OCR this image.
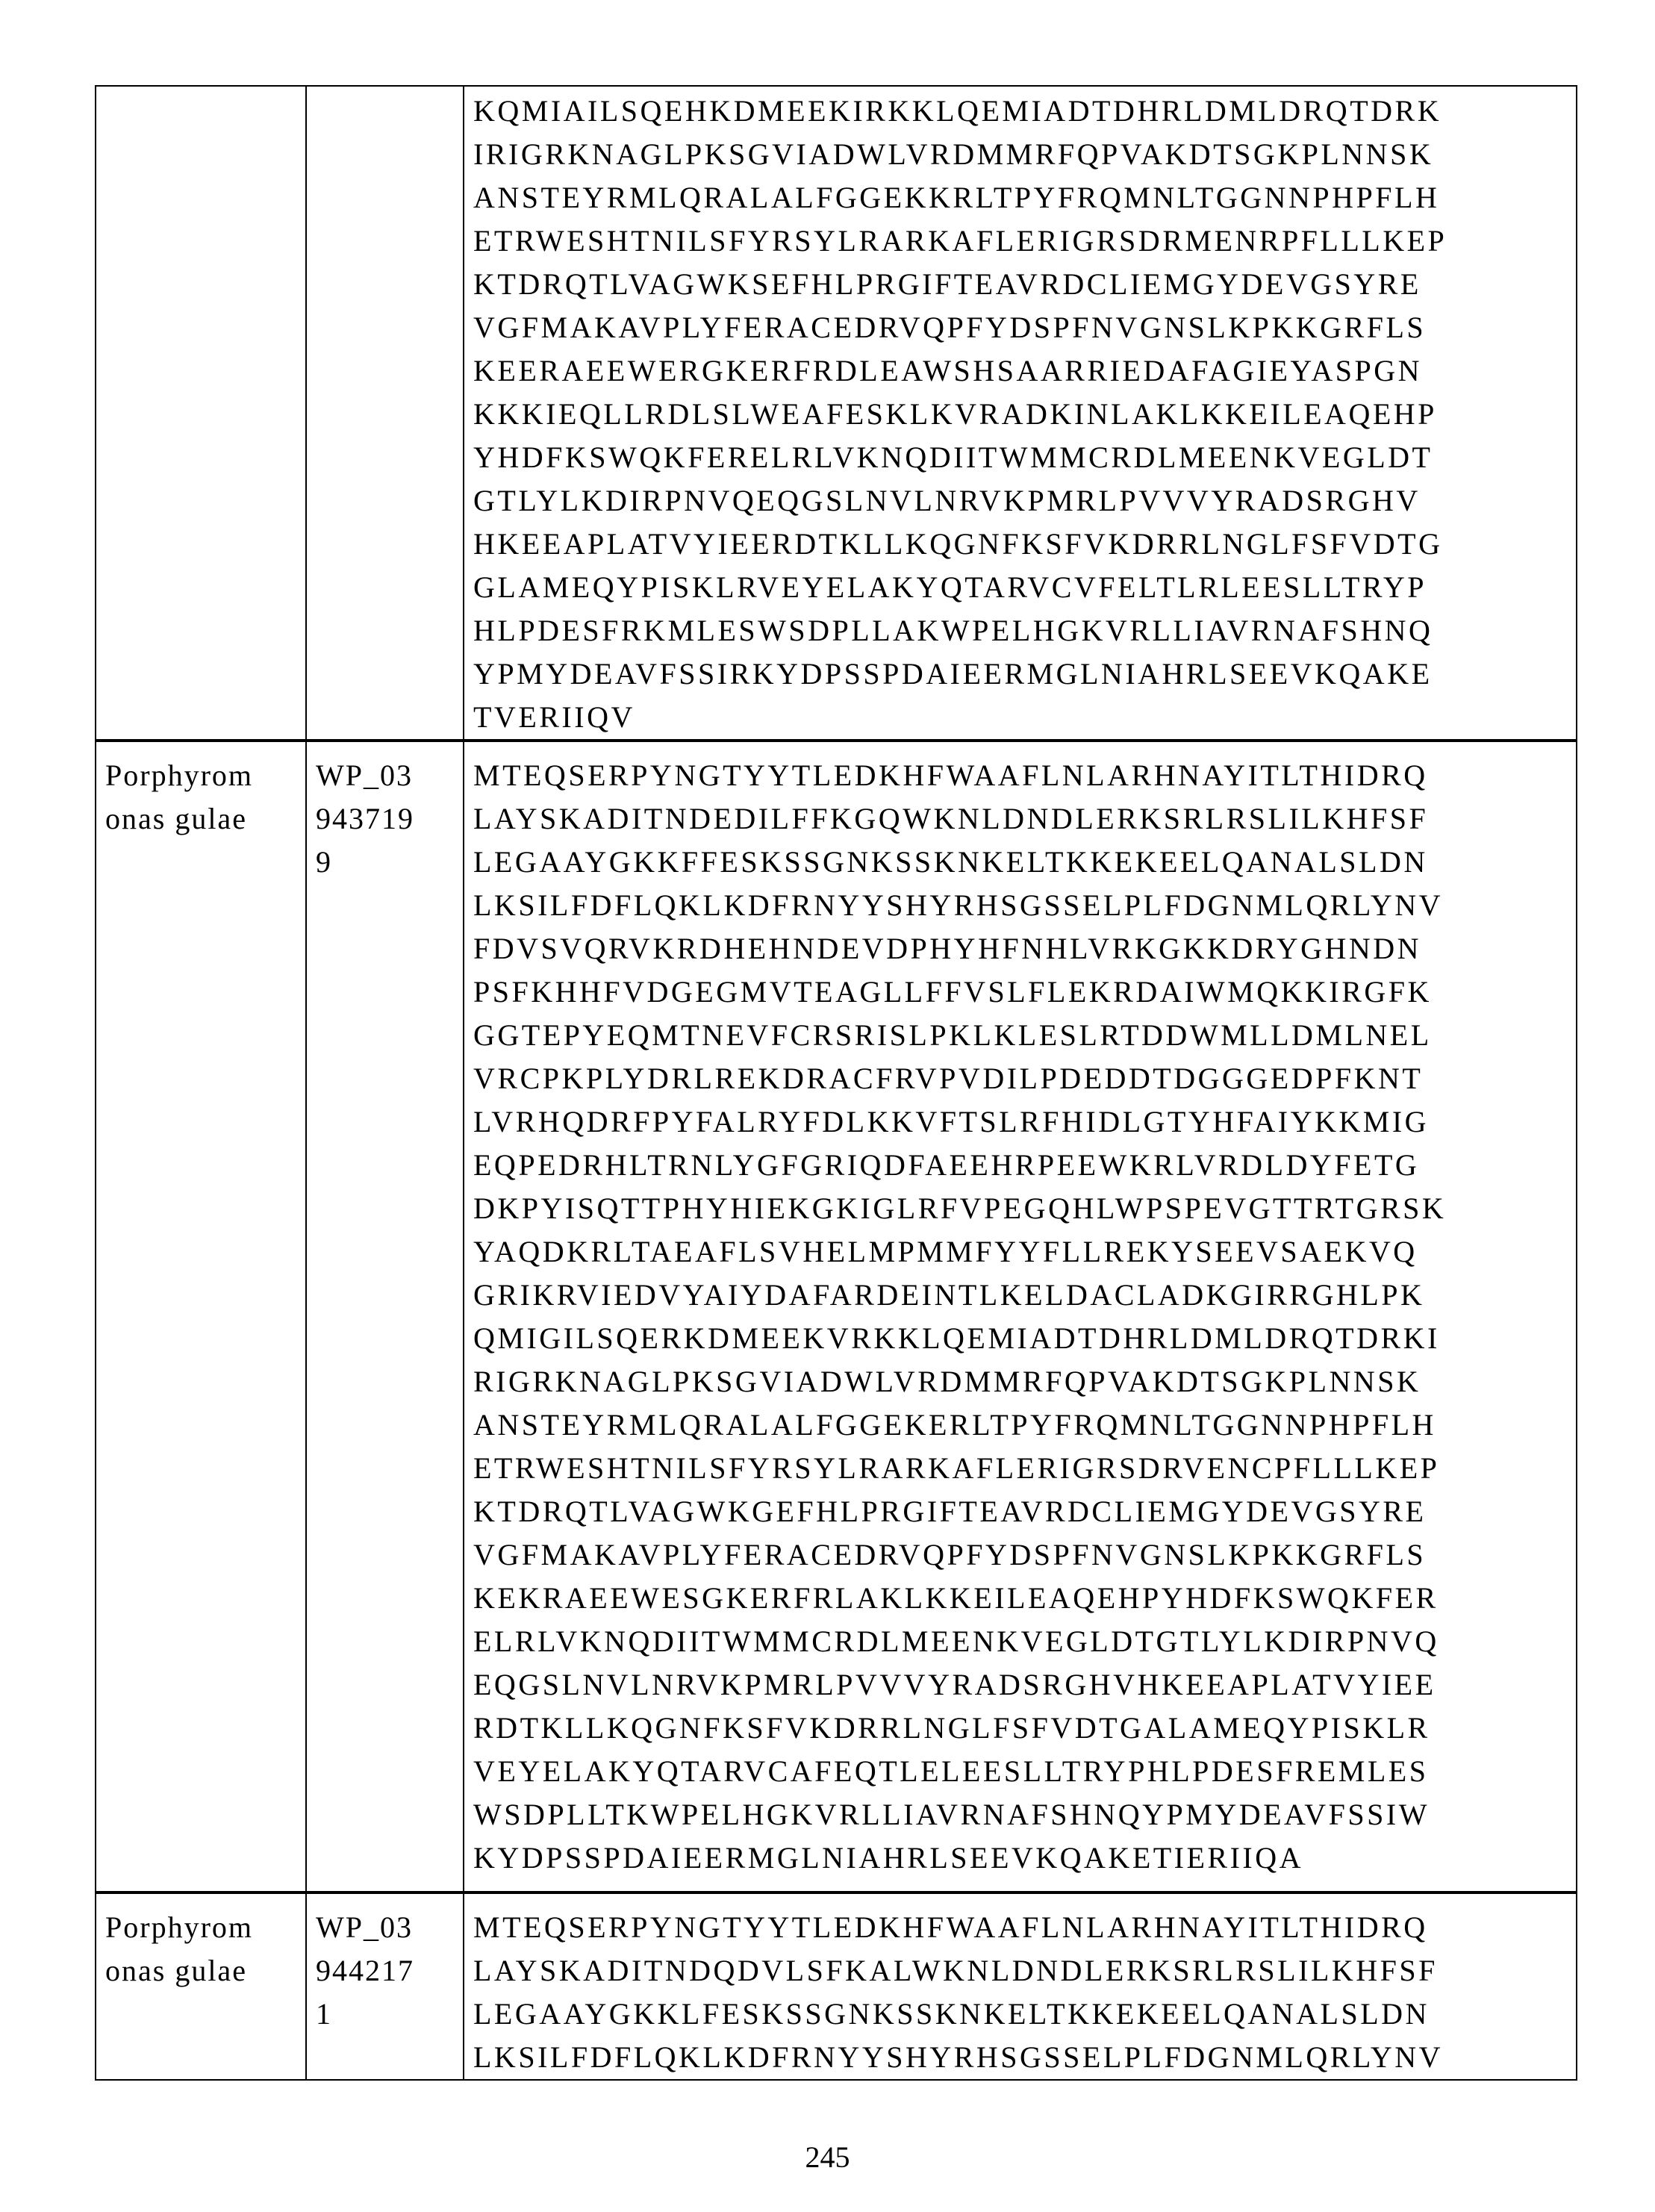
KQMIAILSQEHKDMEEKIRKKLQEMIADTDHRLDMLDRQTDRK
IRIGRKNAGLPKSGVIADWLVRDMMRFQPVAKDTSGKPLNNSK
ANSTEYRMLQRALALFGGEKKRLTPYFRQMNLTGGNNPHPFLH
ETRWESHTNILSFYRSYLRARKAFLERIGRSDRMENRPFLLLKEP
KTDRQTLVAGWKSEFHLPRGIFTEAVRDCLIEMGYDEVGSYRE
VGFMAKAVPLYFERACEDRVQPFYDSPFNVGNSLKPKKGRFLS
KEERAEEWERGKERFRDLEAWSHSAARRIEDAFAGIEYASPGN
KKKIEQLLRDLSLWEAFESKLKVRADKINLAKLKKEILEAQEHP
YHDFKSWQKFERELRLVKNQDIITWMMCRDLMEENKVEGLDT
GTLYLKDIRPNVQEQGSLNVLNRVKPMRLPVVVYRADSRGHV
HKEEAPLATVYIEERDTKLLKQGNFKSFVKDRRLNGLFSFVDTG
GLAMEQYPISKLRVEYELAKYQTARVCVFELTLRLEESLLTRYP
HLPDESFRKMLESWSDPLLAKWPELHGKVRLLIAVRNAFSHNQ
YPMYDEAVFSSIRKYDPSSPDAIEERMGLNIAHRLSEEVKQAKE
TVERIIQV

Porphyrom
onas gulae

WP_03
943719
9

MTEQSERPYNGTYYTLEDKHFWAAFLNLARHNAYITLTHIDRQ
LAYSKADITNDEDILFFKGQWKNLDNDLERKSRLRSLILKHFSF
LEGAAYGKKFFESKSSGNKSSKNKELTKKEKEELQANALSLDN
LKSILFDFLQKLKDFRNYYSHYRHSGSSELPLFDGNMLQRLYNV
FDVSVQRVKRDHEHNDEVDPHYHFNHLVRKGKKDRYGHNDN
PSFKHHFVDGEGMVTEAGLLFFVSLFLEKRDAIWMQKKIRGFK
GGTEPYEQMTNEVFCRSRISLPKLKLESLRTDDWMLLDMLNEL
VRCPKPLYDRLREKDRACFRVPVDILPDEDDTDGGGEDPFKNT
LVRHQDRFPYFALRYFDLKKVFTSLRFHIDLGTYHFAIYKKMIG
EQPEDRHLTRNLYGFGRIQDFAEEHRPEEWKRLVRDLDYFETG
DKPYISQTTPHYHIEKGKIGLRFVPEGQHLWPSPEVGTTRTGRSK
YAQDKRLTAEAFLSVHELMPMMFYYFLLREKYSEEVSAEKVQ
GRIKRVIEDVYAIYDAFARDEINTLKELDACLADKGIRRGHLPK
QMIGILSQERKDMEEKVRKKLQEMIADTDHRLDMLDRQTDRKI
RIGRKNAGLPKSGVIADWLVRDMMRFQPVAKDTSGKPLNNSK
ANSTEYRMLQRALALFGGEKERLTPYFRQMNLTGGNNPHPFLH
ETRWESHTNILSFYRSYLRARKAFLERIGRSDRVENCPFLLLKEP
KTDRQTLVAGWKGEFHLPRGIFTEAVRDCLIEMGYDEVGSYRE
VGFMAKAVPLYFERACEDRVQPFYDSPFNVGNSLKPKKGRFLS
KEKRAEEWESGKERFRLAKLKKEILEAQEHPYHDFKSWQKFER
ELRLVKNQDIITWMMCRDLMEENKVEGLDTGTLYLKDIRPNVQ
EQGSLNVLNRVKPMRLPVVVYRADSRGHVHKEEAPLATVYIEE
RDTKLLKQGNFKSFVKDRRLNGLFSFVDTGALAMEQYPISKLR
VEYELAKYQTARVCAFEQTLELEESLLTRYPHLPDESFREMLES
WSDPLLTKWPELHGKVRLLIAVRNAFSHNQYPMYDEAVFSSIW
KYDPSSPDAIEERMGLNIAHRLSEEVKQAKETIERIIQA

Porphyrom
onas gulae

WP_03
944217
1

MTEQSERPYNGTYYTLEDKHFWAAFLNLARHNAYITLTHIDRQ
LAYSKADITNDQDVLSFKALWKNLDNDLERKSRLRSLILKHFSF
LEGAAYGKKLFESKSSGNKSSKNKELTKKEKEELQANALSLDN
LKSILFDFLQKLKDFRNYYSHYRHSGSSELPLFDGNMLQRLYNV
245
